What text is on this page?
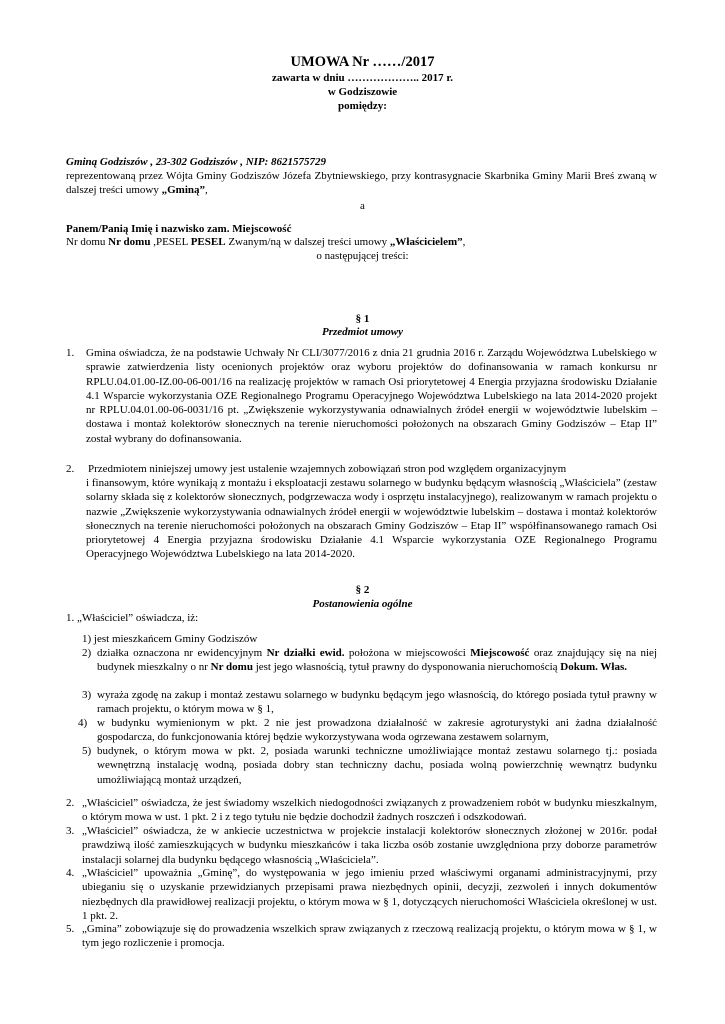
UMOWA Nr ……/2017
zawarta w dniu ……………….. 2017 r.
w Godziszowie
pomiędzy:
Gminą Godziszów , 23-302 Godziszów , NIP: 8621575729
reprezentowaną przez Wójta Gminy Godziszów Józefa Zbytniewskiego, przy kontrasygnacie Skarbnika Gminy Marii Breś zwaną w dalszej treści umowy „Gminą”,
a
Panem/Panią Imię i nazwisko zam. Miejscowość
Nr domu Nr domu ,PESEL PESEL Zwanym/ną w dalszej treści umowy „Właścicielem”,
o następującej treści:
§ 1
Przedmiot umowy
1. Gmina oświadcza, że na podstawie Uchwały Nr CLI/3077/2016 z dnia 21 grudnia 2016 r. Zarządu Województwa Lubelskiego w sprawie zatwierdzenia listy ocenionych projektów oraz wyboru projektów do dofinansowania w ramach konkursu nr RPLU.04.01.00-IZ.00-06-001/16 na realizację projektów w ramach Osi priorytetowej 4 Energia przyjazna środowisku Działanie 4.1 Wsparcie wykorzystania OZE Regionalnego Programu Operacyjnego Województwa Lubelskiego na lata 2014-2020 projekt nr RPLU.04.01.00-06-0031/16 pt. „Zwiększenie wykorzystywania odnawialnych źródeł energii w województwie lubelskim – dostawa i montaż kolektorów słonecznych na terenie nieruchomości położonych na obszarach Gminy Godziszów – Etap II” został wybrany do dofinansowania.
2. Przedmiotem niniejszej umowy jest ustalenie wzajemnych zobowiązań stron pod względem organizacyjnym
i finansowym, które wynikają z montażu i eksploatacji zestawu solarnego w budynku będącym własnością „Właściciela” (zestaw solarny składa się z kolektorów słonecznych, podgrzewacza wody i osprzętu instalacyjnego), realizowanym w ramach projektu o nazwie „Zwiększenie wykorzystywania odnawialnych źródeł energii w województwie lubelskim – dostawa i montaż kolektorów słonecznych na terenie nieruchomości położonych na obszarach Gminy Godziszów – Etap II” współfinansowanego ramach Osi priorytetowej 4 Energia przyjazna środowisku Działanie 4.1 Wsparcie wykorzystania OZE Regionalnego Programu Operacyjnego Województwa Lubelskiego na lata 2014-2020.
§ 2
Postanowienia ogólne
1. „Właściciel” oświadcza, iż:
1) jest mieszkańcem Gminy Godziszów
2) działka oznaczona nr ewidencyjnym Nr działki ewid. położona w miejscowości Miejscowość oraz znajdujący się na niej budynek mieszkalny o nr Nr domu jest jego własnością, tytuł prawny do dysponowania nieruchomością Dokum. Włas.
3) wyraża zgodę na zakup i montaż zestawu solarnego w budynku będącym jego własnością, do którego posiada tytuł prawny w ramach projektu, o którym mowa w § 1,
4) w budynku wymienionym w pkt. 2 nie jest prowadzona działalność w zakresie agroturystyki ani żadna działalność gospodarcza, do funkcjonowania której będzie wykorzystywana woda ogrzewana zestawem solarnym,
5) budynek, o którym mowa w pkt. 2, posiada warunki techniczne umożliwiające montaż zestawu solarnego tj.: posiada wewnętrzną instalację wodną, posiada dobry stan techniczny dachu, posiada wolną powierzchnię wewnątrz budynku umożliwiającą montaż urządzeń,
2. „Właściciel” oświadcza, że jest świadomy wszelkich niedogodności związanych z prowadzeniem robót w budynku mieszkalnym, o którym mowa w ust. 1 pkt. 2 i z tego tytułu nie będzie dochodził żadnych roszczeń i odszkodowań.
3. „Właściciel” oświadcza, że w ankiecie uczestnictwa w projekcie instalacji kolektorów słonecznych złożonej w 2016r. podał prawdziwą ilość zamieszkujących w budynku mieszkańców i taka liczba osób zostanie uwzględniona przy doborze parametrów instalacji solarnej dla budynku będącego własnością „Właściciela”.
4. „Właściciel” upoważnia „Gminę”, do występowania w jego imieniu przed właściwymi organami administracyjnymi, przy ubieganiu się o uzyskanie przewidzianych przepisami prawa niezbędnych opinii, decyzji, zezwoleń i innych dokumentów niezbędnych dla prawidłowej realizacji projektu, o którym mowa w § 1, dotyczących nieruchomości Właściciela określonej w ust. 1 pkt. 2.
5. „Gmina” zobowiązuje się do prowadzenia wszelkich spraw związanych z rzeczową realizacją projektu, o którym mowa w § 1, w tym jego rozliczenie i promocja.
